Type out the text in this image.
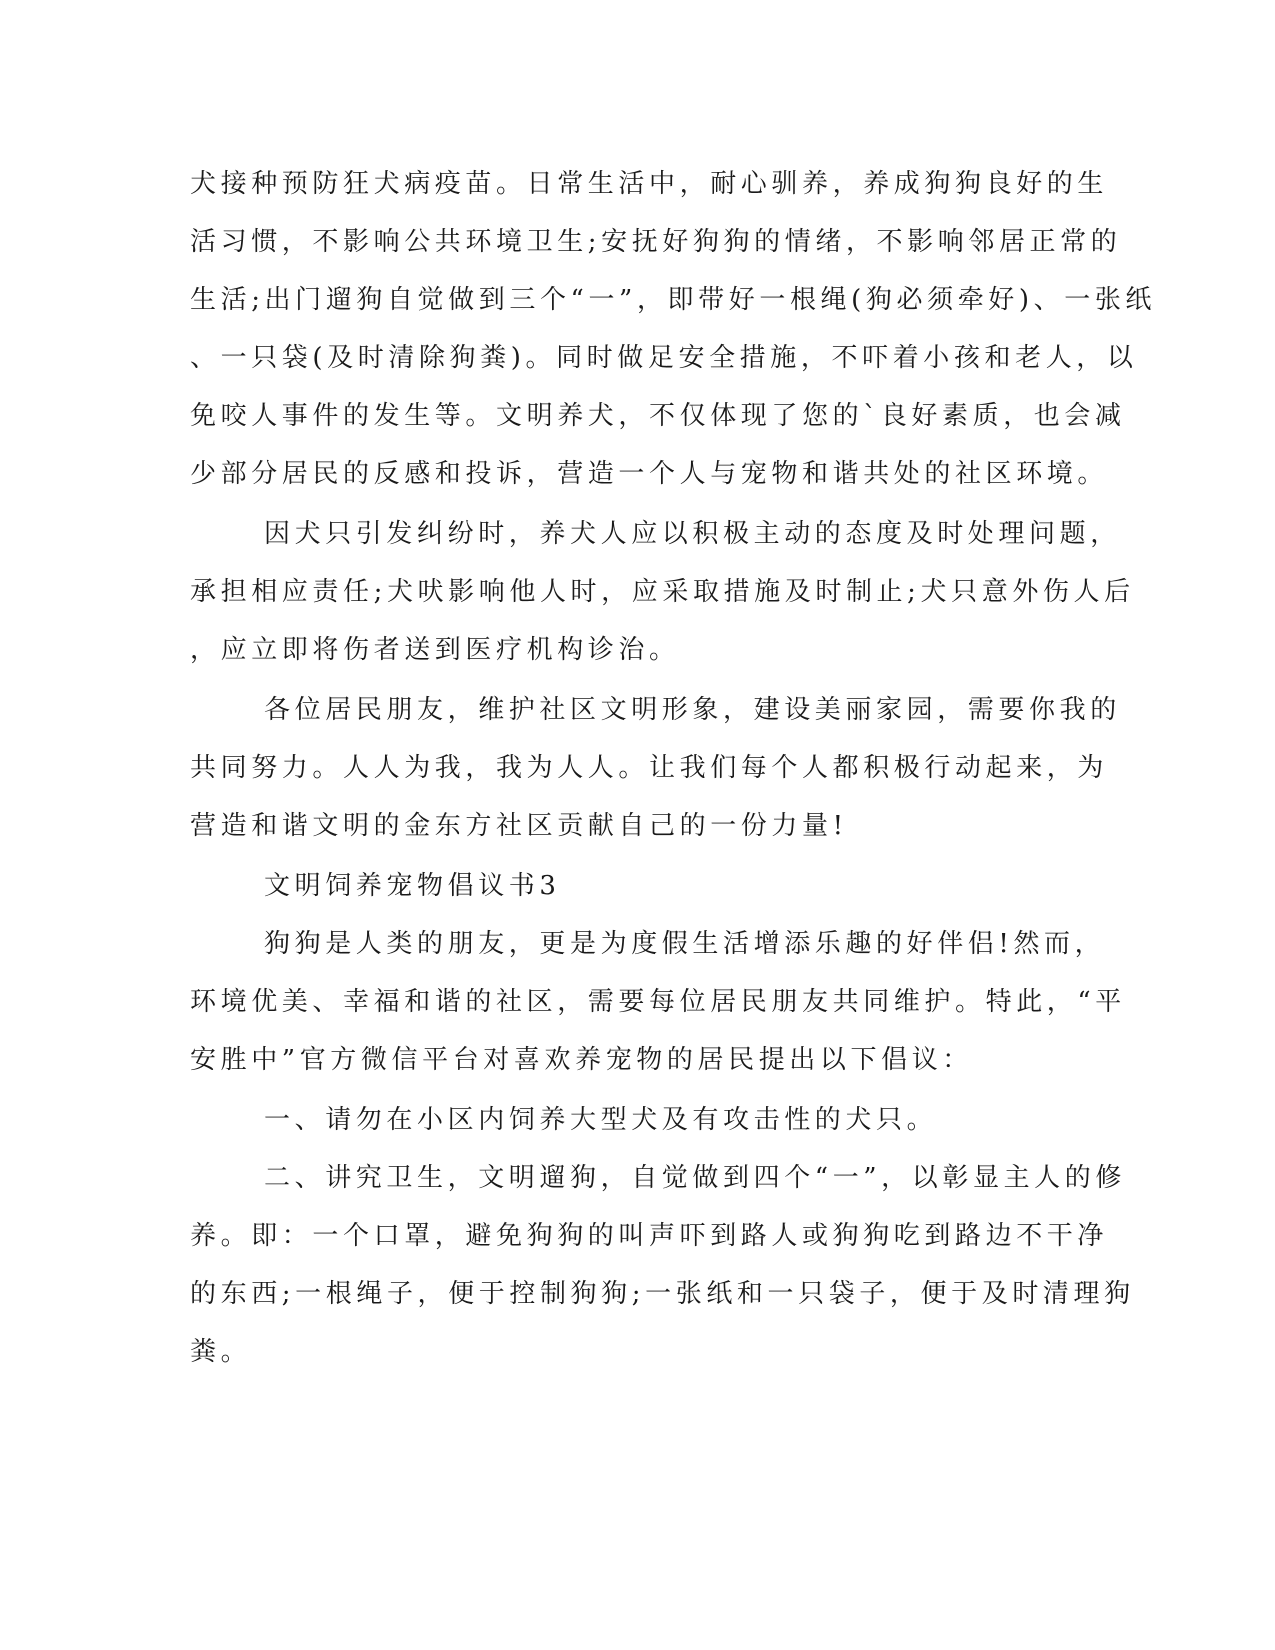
犬接种预防狂犬病疫苗。日常生活中，耐心驯养，养成狗狗良好的生
活习惯，不影响公共环境卫生;安抚好狗狗的情绪，不影响邻居正常的
生活;出门遛狗自觉做到三个“一”，即带好一根绳(狗必须牵好)、一张纸
、一只袋(及时清除狗粪)。同时做足安全措施，不吓着小孩和老人，以
免咬人事件的发生等。文明养犬，不仅体现了您的`良好素质，也会减
少部分居民的反感和投诉，营造一个人与宠物和谐共处的社区环境。
因犬只引发纠纷时，养犬人应以积极主动的态度及时处理问题，
承担相应责任;犬吠影响他人时，应采取措施及时制止;犬只意外伤人后
，应立即将伤者送到医疗机构诊治。
各位居民朋友，维护社区文明形象，建设美丽家园，需要你我的
共同努力。人人为我，我为人人。让我们每个人都积极行动起来，为
营造和谐文明的金东方社区贡献自己的一份力量!
文明饲养宠物倡议书3
狗狗是人类的朋友，更是为度假生活增添乐趣的好伴侣!然而，
环境优美、幸福和谐的社区，需要每位居民朋友共同维护。特此，“平
安胜中”官方微信平台对喜欢养宠物的居民提出以下倡议：
一、请勿在小区内饲养大型犬及有攻击性的犬只。
二、讲究卫生，文明遛狗，自觉做到四个“一”，以彰显主人的修
养。即：一个口罩，避免狗狗的叫声吓到路人或狗狗吃到路边不干净
的东西;一根绳子，便于控制狗狗;一张纸和一只袋子，便于及时清理狗
粪。
